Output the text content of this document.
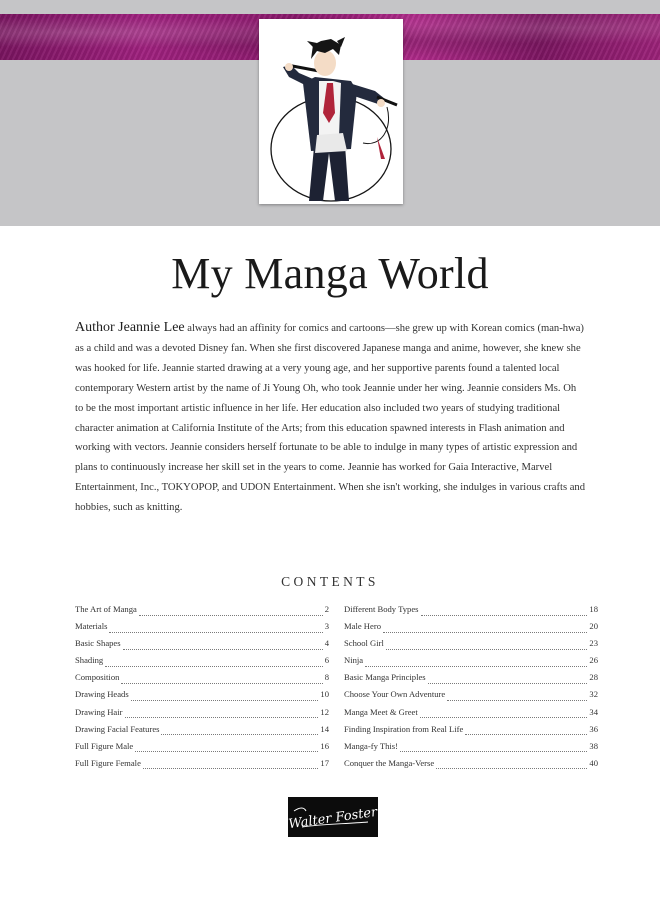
My Manga World

Author Jeannie Lee always had an affinity for comics and cartoons—she grew up with Korean comics (man-hwa) as a child and was a devoted Disney fan. When she first discovered Japanese manga and anime, however, she knew she was hooked for life. Jeannie started drawing at a very young age, and her supportive parents found a talented local contemporary Western artist by the name of Ji Young Oh, who took Jeannie under her wing. Jeannie considers Ms. Oh to be the most important artistic influence in her life. Her education also included two years of studying traditional character animation at California Institute of the Arts; from this education spawned interests in Flash animation and working with vectors. Jeannie considers herself fortunate to be able to indulge in many types of artistic expression and plans to continuously increase her skill set in the years to come. Jeannie has worked for Gaia Interactive, Marvel Entertainment, Inc., TOKYOPOP, and UDON Entertainment. When she isn't working, she indulges in various crafts and hobbies, such as knitting.

CONTENTS
The Art of Manga	2
Materials	3
Basic Shapes	4
Shading	6
Composition	8
Drawing Heads	10
Drawing Hair	12
Drawing Facial Features	14
Full Figure Male	16
Full Figure Female	17
Different Body Types	18
Male Hero	20
School Girl	23
Ninja	26
Basic Manga Principles	28
Choose Your Own Adventure	32
Manga Meet & Greet	34
Finding Inspiration from Real Life	36
Manga-fy This!	38
Conquer the Manga-Verse	40
Walter Foster
